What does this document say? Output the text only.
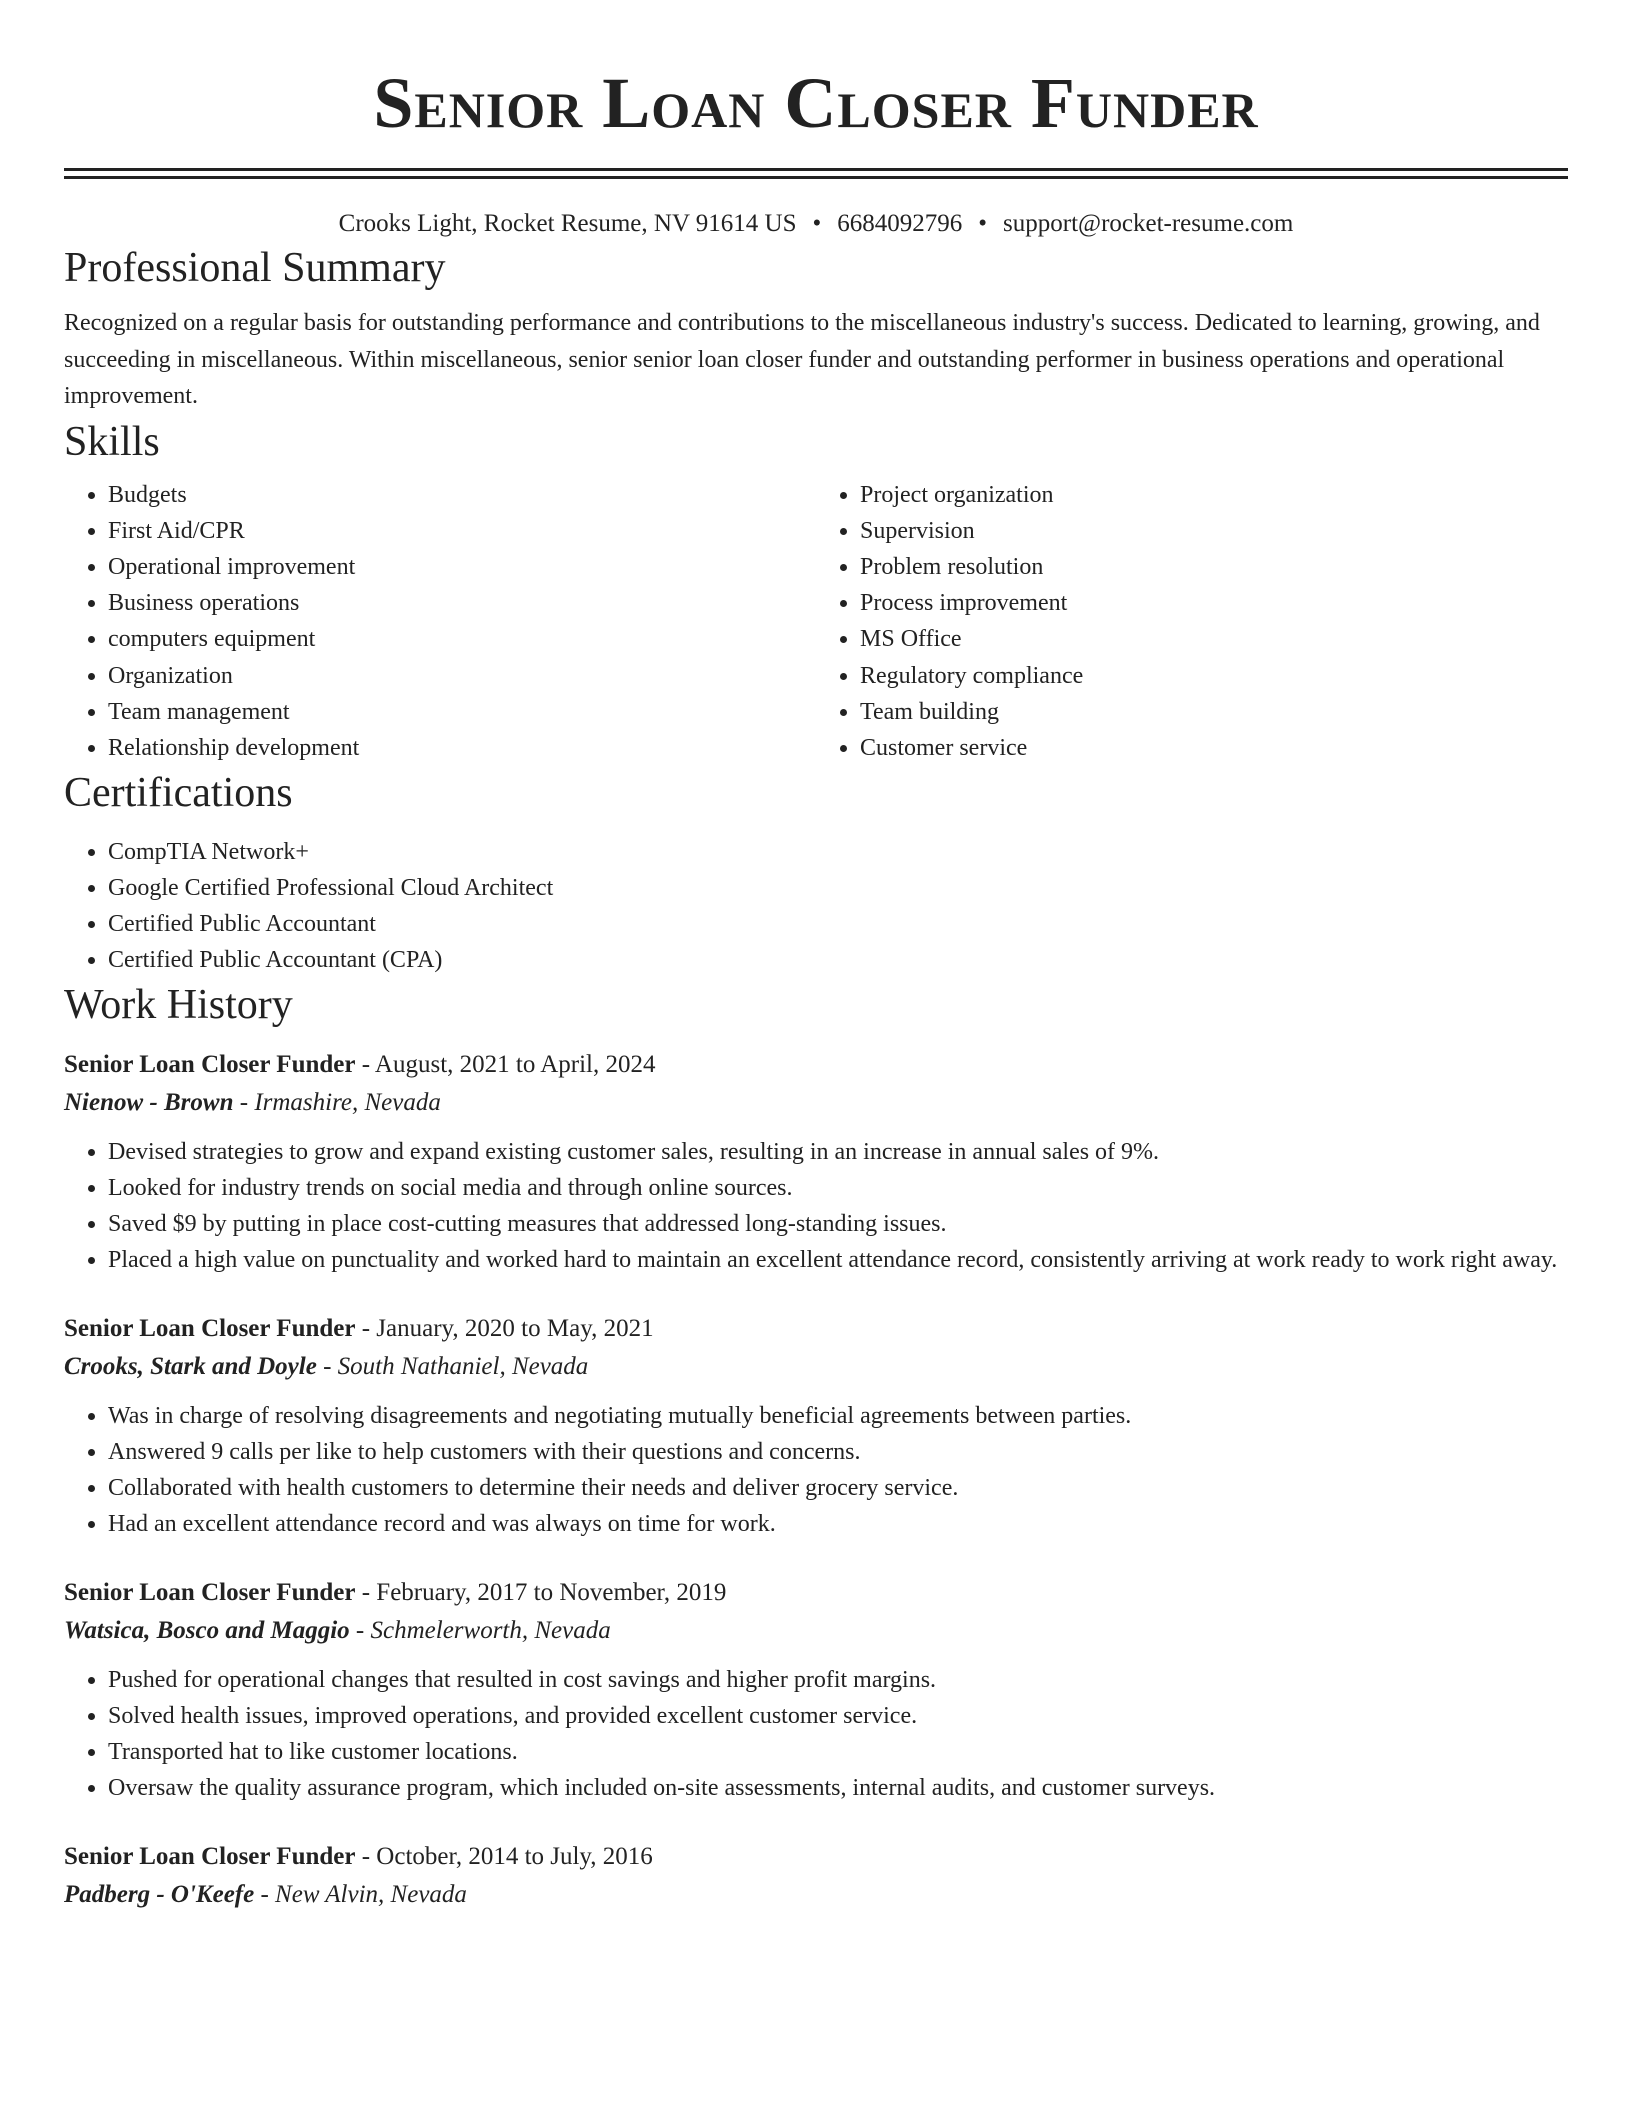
Senior Loan Closer Funder
Crooks Light, Rocket Resume, NV 91614 US • 6684092796 • support@rocket-resume.com
Professional Summary
Recognized on a regular basis for outstanding performance and contributions to the miscellaneous industry's success. Dedicated to learning, growing, and succeeding in miscellaneous. Within miscellaneous, senior senior loan closer funder and outstanding performer in business operations and operational improvement.
Skills
• Budgets
• First Aid/CPR
• Operational improvement
• Business operations
• computers equipment
• Organization
• Team management
• Relationship development
• Project organization
• Supervision
• Problem resolution
• Process improvement
• MS Office
• Regulatory compliance
• Team building
• Customer service
Certifications
• CompTIA Network+
• Google Certified Professional Cloud Architect
• Certified Public Accountant
• Certified Public Accountant (CPA)
Work History
Senior Loan Closer Funder - August, 2021 to April, 2024
Nienow - Brown - Irmashire, Nevada
• Devised strategies to grow and expand existing customer sales, resulting in an increase in annual sales of 9%.
• Looked for industry trends on social media and through online sources.
• Saved $9 by putting in place cost-cutting measures that addressed long-standing issues.
• Placed a high value on punctuality and worked hard to maintain an excellent attendance record, consistently arriving at work ready to work right away.
Senior Loan Closer Funder - January, 2020 to May, 2021
Crooks, Stark and Doyle - South Nathaniel, Nevada
• Was in charge of resolving disagreements and negotiating mutually beneficial agreements between parties.
• Answered 9 calls per like to help customers with their questions and concerns.
• Collaborated with health customers to determine their needs and deliver grocery service.
• Had an excellent attendance record and was always on time for work.
Senior Loan Closer Funder - February, 2017 to November, 2019
Watsica, Bosco and Maggio - Schmelerworth, Nevada
• Pushed for operational changes that resulted in cost savings and higher profit margins.
• Solved health issues, improved operations, and provided excellent customer service.
• Transported hat to like customer locations.
• Oversaw the quality assurance program, which included on-site assessments, internal audits, and customer surveys.
Senior Loan Closer Funder - October, 2014 to July, 2016
Padberg - O'Keefe - New Alvin, Nevada
